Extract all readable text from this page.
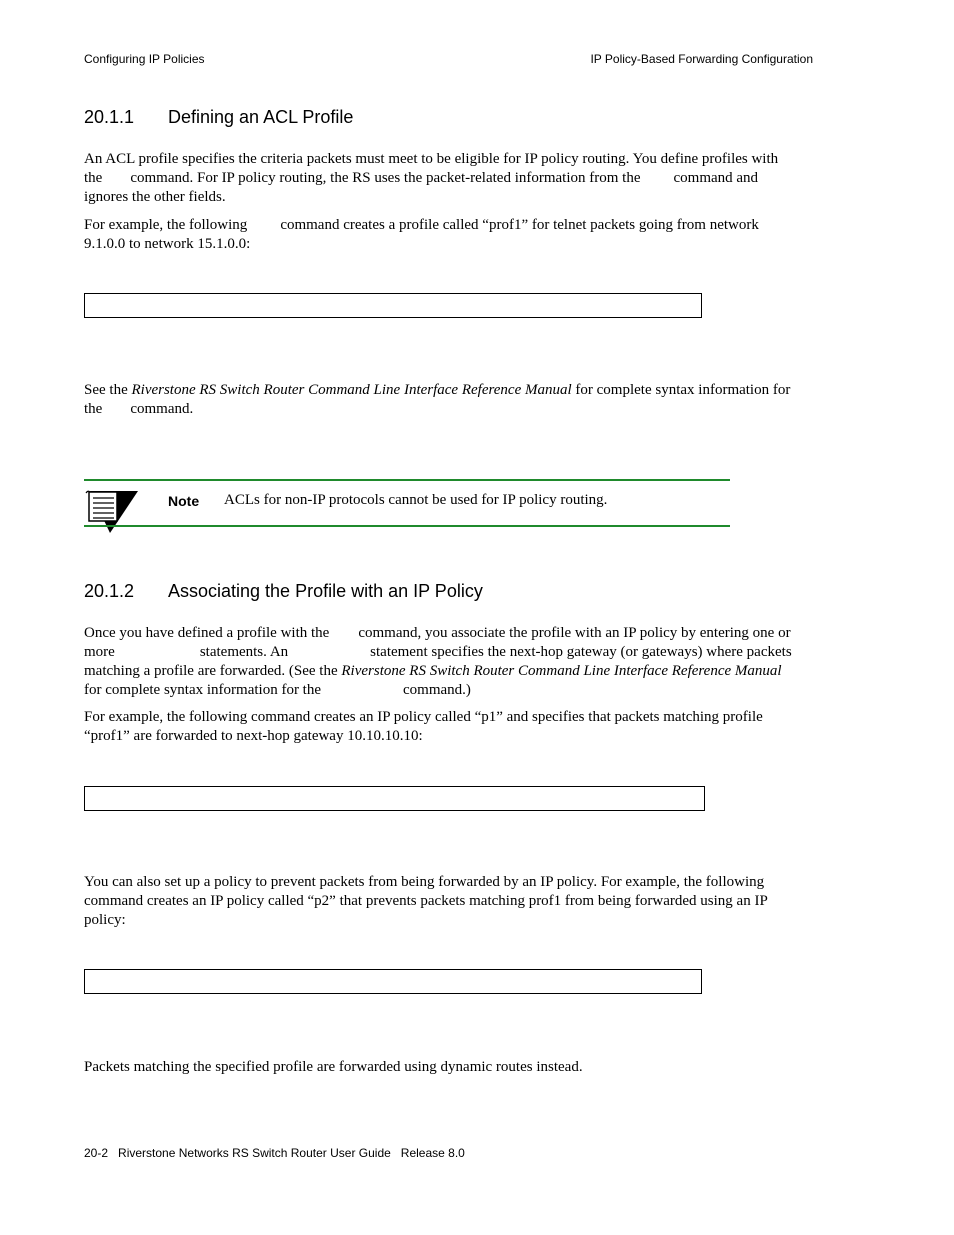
Configuring IP Policies	IP Policy-Based Forwarding Configuration
20.1.1 Defining an ACL Profile
An ACL profile specifies the criteria packets must meet to be eligible for IP policy routing. You define profiles with
the command. For IP policy routing, the RS uses the packet-related information from the command and
ignores the other fields.
For example, the following command creates a profile called “prof1” for telnet packets going from network
9.1.0.0 to network 15.1.0.0:
See the Riverstone RS Switch Router Command Line Interface Reference Manual for complete syntax information for
the command.
Note ACLs for non-IP protocols cannot be used for IP policy routing.
20.1.2 Associating the Profile with an IP Policy
Once you have defined a profile with the command, you associate the profile with an IP policy by entering one or
more	statements. An	statement specifies the next-hop gateway (or gateways) where packets
matching a profile are forwarded. (See the Riverstone RS Switch Router Command Line Interface Reference Manual
for complete syntax information for the	command.)
For example, the following command creates an IP policy called “p1” and specifies that packets matching profile
“prof1” are forwarded to next-hop gateway 10.10.10.10:
You can also set up a policy to prevent packets from being forwarded by an IP policy. For example, the following
command creates an IP policy called “p2” that prevents packets matching prof1 from being forwarded using an IP
policy:
Packets matching the specified profile are forwarded using dynamic routes instead.
20-2 Riverstone Networks RS Switch Router User Guide Release 8.0
